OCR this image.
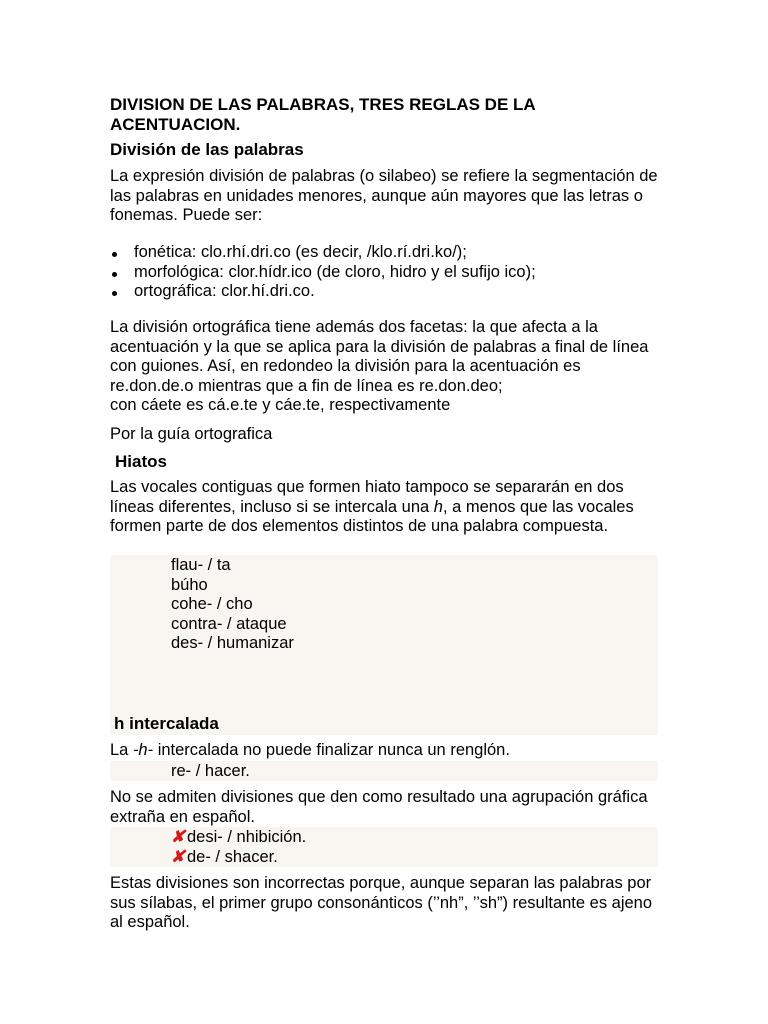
DIVISION DE LAS PALABRAS, TRES REGLAS DE LA ACENTUACION.
División de las palabras
La expresión división de palabras (o silabeo) se refiere la segmentación de las palabras en unidades menores, aunque aún mayores que las letras o fonemas. Puede ser:
fonética: clo.rhí.dri.co (es decir, /klo.rí.dri.ko/);
morfológica: clor.hídr.ico (de cloro, hidro y el sufijo ico);
ortográfica: clor.hí.dri.co.
La división ortográfica tiene además dos facetas: la que afecta a la acentuación y la que se aplica para la división de palabras a final de línea con guiones. Así, en redondeo la división para la acentuación es re.don.de.o mientras que a fin de línea es re.don.deo;
con cáete es cá.e.te y cáe.te, respectivamente
Por la guía ortografica
Hiatos
Las vocales contiguas que formen hiato tampoco se separarán en dos líneas diferentes, incluso si se intercala una h, a menos que las vocales formen parte de dos elementos distintos de una palabra compuesta.
flau- / ta
búho
cohe- / cho
contra- / ataque
des- / humanizar
h intercalada
La -h- intercalada no puede finalizar nunca un renglón.
re- / hacer.
No se admiten divisiones que den como resultado una agrupación gráfica extraña en español.
✘ desi- / nhibición.
✘ de- / shacer.
Estas divisiones son incorrectas porque, aunque separan las palabras por sus sílabas, el primer grupo consonánticos (’’nh”, ’’sh”) resultante es ajeno al español.
